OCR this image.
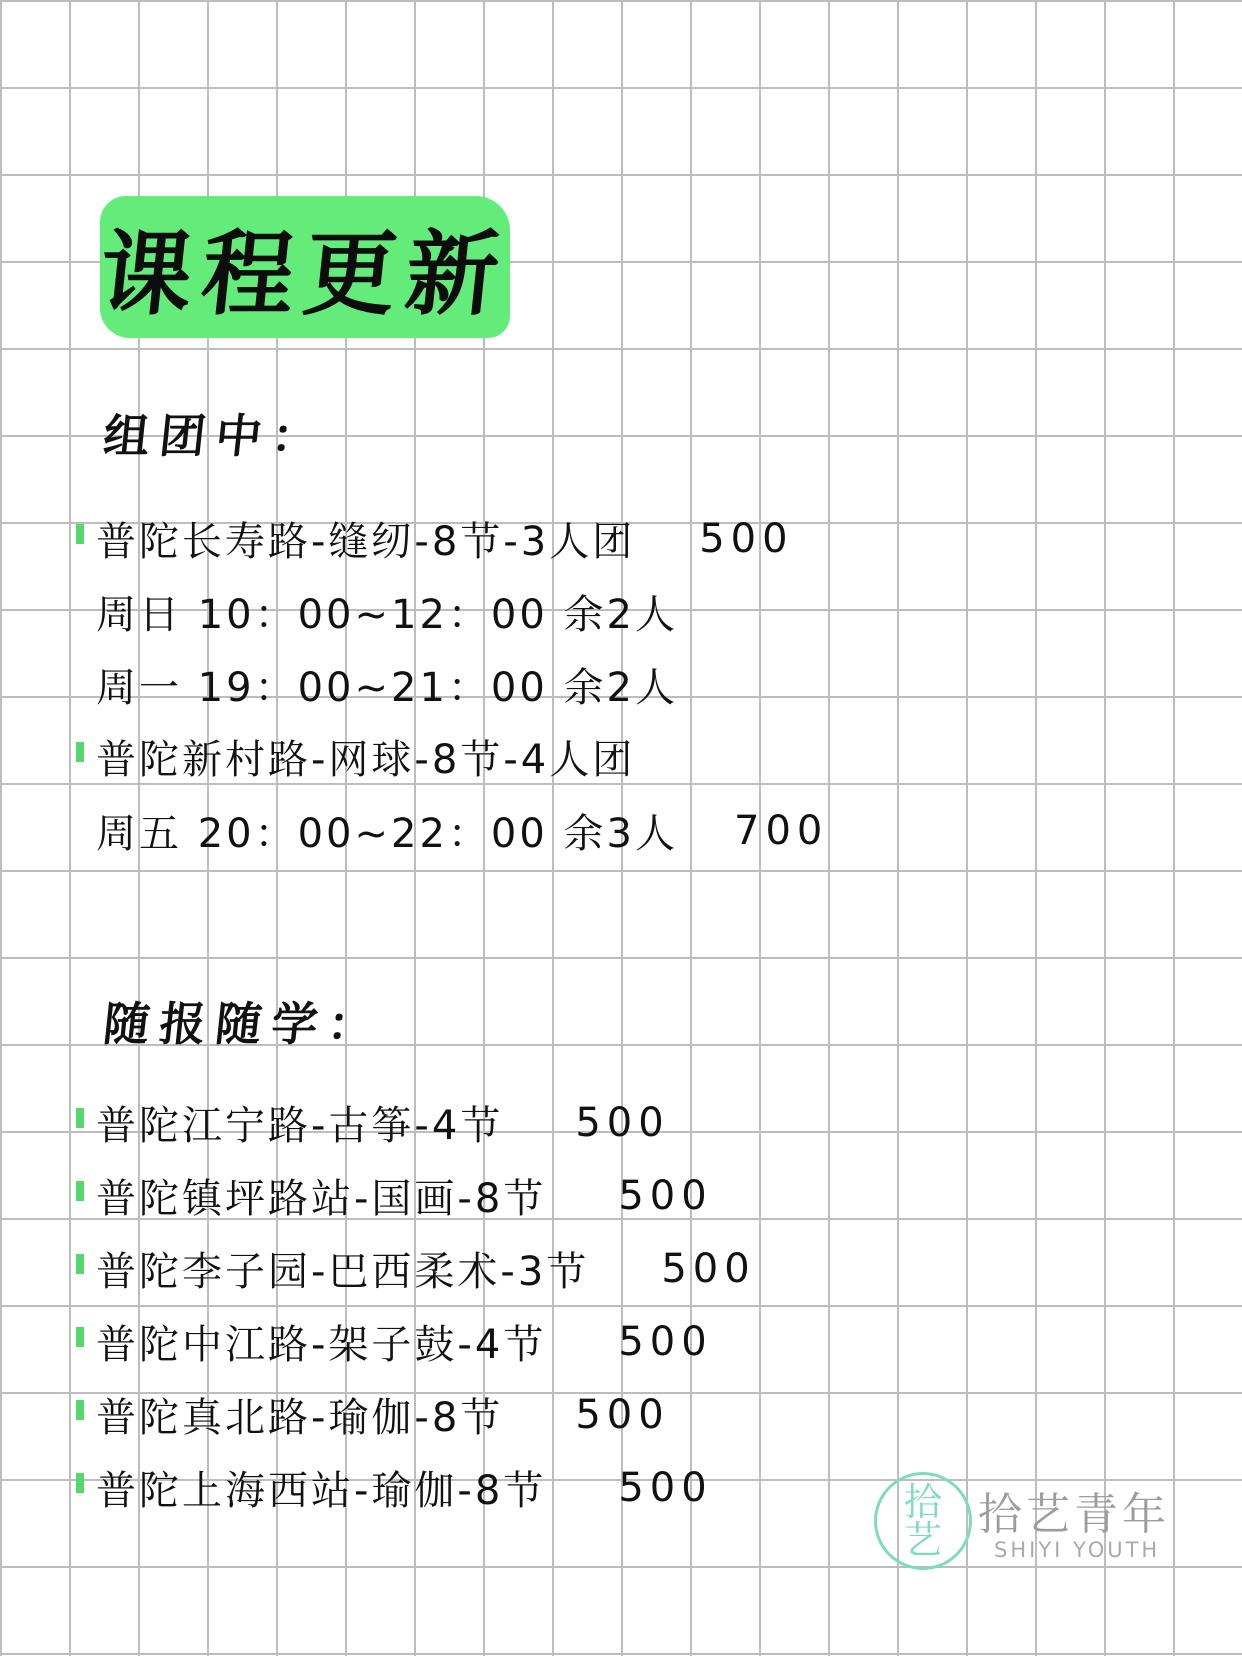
课程更新
组团中：
普陀长寿路-缝纫-8节-3人团 500
周日 10：00~12：00 余2人
周一 19：00~21：00 余2人
普陀新村路-网球-8节-4人团
周五 20：00~22：00 余3人 700
随报随学：
普陀江宁路-古筝-4节 500
普陀镇坪路站-国画-8节 500
普陀李子园-巴西柔术-3节 500
普陀中江路-架子鼓-4节 500
普陀真北路-瑜伽-8节 500
普陀上海西站-瑜伽-8节 500	拾
艺 拾艺青年
SHIYI YOUTH
